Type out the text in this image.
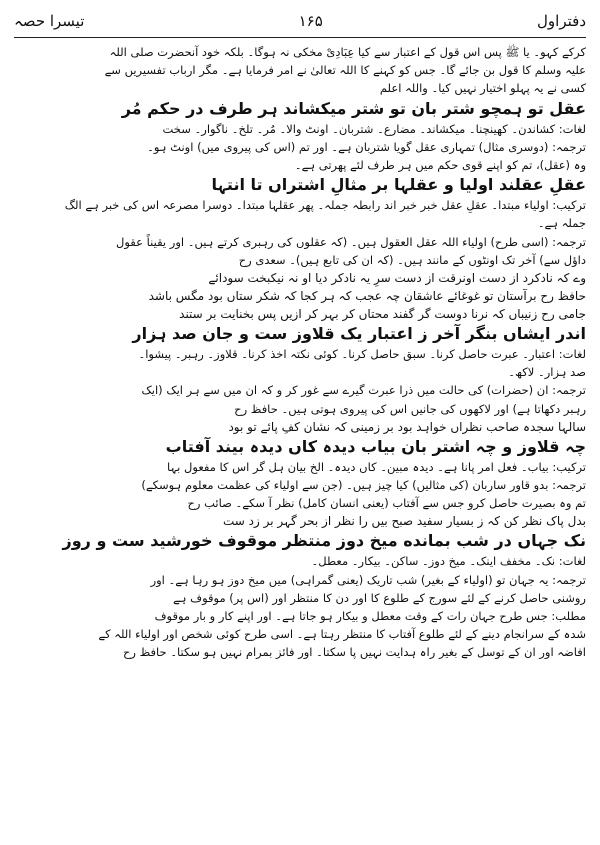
دفتراول
۱۶۵
تیسرا حصہ
کرکے کہو۔ یا ﷺ پس اس قول کے اعتبار سے کیا عِبَادِیْ مخکی نہ ہوگا۔ بلکہ خود آنحضرت صلی اللہ
علیہ وسلم کا قول بن جائے گا۔ جس کو کہنے کا اللہ تعالیٰ نے امر فرمایا ہے۔ مگر ارباب تفسیریں سے
کسی نے یہ پہلو اختیار نہیں کیا۔ واللہ اعلم
عقل تو ہمچو شتر بان تو شتر میکشاند ہر طرف در حکم مُر
لغات: کشاندن۔ کھینچنا۔ میکشاند۔ مضارع۔ شتربان۔ اونٹ والا۔ مُر۔ تلخ۔ ناگوار۔ سخت
ترجمہ: (دوسری مثال) تمہاری عقل گویا شتربان ہے۔ اور تم (اس کی پیروی میں) اونٹ ہو۔
وہ (عقل)، تم کو اپنے قوی حکم میں ہر طرف لئے پھرتی ہے۔
عقلِ عقلند اولیا و عقلہا بر مثالِ اشتراں تا انتہا
ترکیب: اولیاء مبتدا۔ عقلِ عقل خبر خبر اند رابطہ جملہ۔ پھر عقلہا مبتدا۔ دوسرا مصرعہ اس کی خبر ہے الگ
جملہ ہے۔
ترجمہ: (اسی طرح) اولیاء اللہ عقل العقول ہیں۔ (کہ عقلوں کی رہبری کرتے ہیں۔ اور یقیناً عقول
داؤل سے) آخر تک اونٹوں کے مانند ہیں۔ (کہ ان کی تابع ہیں)۔ سعدی رح
وے کہ نادکرد از دست اونرقت از دست سرِ یہ نادکر دیا او نہ نیکبخت سودائے
حافظ رح برآستان تو غوغائے عاشقان چہ عجب کہ ہر کجا کہ شکر ستاں بود مگس باشد
جامی رح زنیباں کہ نرنا دوست گر گفند محتاں کر بہر کر ازیں پس بخنایت بر ستند
اندر ایشاں بنگر آخر ز اعتبار یک قلاوز ست و جان صد ہزار
لغات: اعتبار۔ عبرت حاصل کرنا۔ سبق حاصل کرنا۔ کوئی نکتہ اخذ کرنا۔ قلاوز۔ رہبر۔ پیشوا۔
صد ہزار۔ لاکھ۔
ترجمہ: ان (حضرات) کی حالت میں ذرا عبرت گیرے سے غور کر و کہ ان میں سے ہر ایک (ایک
رہبر دکھاتا ہے) اور لاکھوں کی جانیں اس کی پیروی ہوتی ہیں۔ حافظ رح
سالہا سجدہ صاحب نظراں خواہد بود بر زمینی کہ نشان کفِ پائے تو بود
چہ قلاوز و چہ اشتر بان بیاب دیدہ کاں دیدہ بیند آفتاب
ترکیب: بیاب۔ فعل امر پانا ہے۔ دیدہ مبین۔ کاں دیدہ۔ الخ بیان ہل گر اس کا مفعول بہا
ترجمہ: بدو قاور ساربان (کی مثالیں) کیا چیز ہیں۔ (جن سے اولیاء کی عظمت معلوم ہوسکے)
تم وہ بصیرت حاصل کرو جس سے آفتاب (یعنی انسان کامل) نظر آ سکے۔ صائب رح
بدل پاک نظر کن کہ ز بسیار سفید صبح بیں را نظر از بحر گہر بر زد ست
نک جہاں در شب بمانده میخ دوز منتظر موقوف خورشید ست و روز
لغات: نک۔ مخفف اینک۔ میخ دوز۔ ساکن۔ بیکار۔ معطل۔
ترجمہ: یہ جہان تو (اولیاء کے بغیر) شب تاریک (یعنی گمراہی) میں میخ دوز ہو رہا ہے۔ اور
روشنی حاصل کرنے کے لئے سورج کے طلوع کا اور دن کا منتظر اور (اس پر) موقوف ہے
مطلب: جس طرح جہان رات کے وقت معطل و بیکار ہو جاتا ہے۔ اور اپنے کار و بار موقوف
شدہ کے سرانجام دینے کے لئے طلوع آفتاب کا منتظر رہتا ہے۔ اسی طرح کوئی شخص اور اولیاء اللہ کے
افاضہ اور ان کے توسل کے بغیر راہ ہدایت نہیں پا سکتا۔ اور فائز بمرام نہیں ہو سکتا۔ حافظ رح
